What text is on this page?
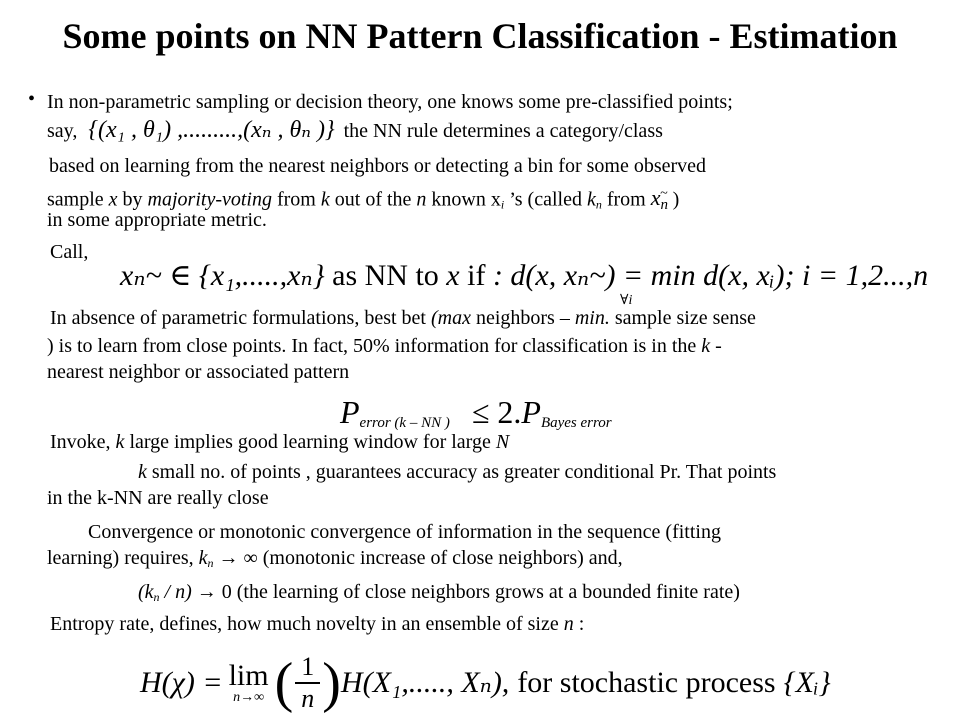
Some points on NN Pattern Classification - Estimation
• In non-parametric sampling or decision theory, one knows some pre-classified points;
say, {(x₁ , θ₁) ,.........,(xₙ , θₙ )} the NN rule determines a category/class
based on learning from the nearest neighbors or detecting a bin for some observed
sample x by majority-voting from k out of the n known $x_i$ ’s (called $k_n$ from xn~ )
in some appropriate metric.
Call,
xₙ~ ∈ {x₁,.....,xₙ} as NN to x if : d(x, xₙ~) = min d(x, xᵢ); i = 1,2...,n
∀i
In absence of parametric formulations, best bet (max neighbors – min. sample size sense
) is to learn from close points. In fact, 50% information for classification is in the k -
nearest neighbor or associated pattern
Perror (k – NN ) ≤ 2.PBayes error
Invoke, k large implies good learning window for large N
k small no. of points , guarantees accuracy as greater conditional Pr. That points
in the k-NN are really close
Convergence or monotonic convergence of information in the sequence (fitting
learning) requires, $k_n$ → ∞ (monotonic increase of close neighbors) and,
$(k_n / n) \to 0$ (the learning of close neighbors grows at a bounded finite rate)
Entropy rate, defines, how much novelty in an ensemble of size n :
H(χ) = lim
n→∞ ( $\frac{1}{n}$ ) H(X₁,....., Xₙ), for stochastic process {Xᵢ}
